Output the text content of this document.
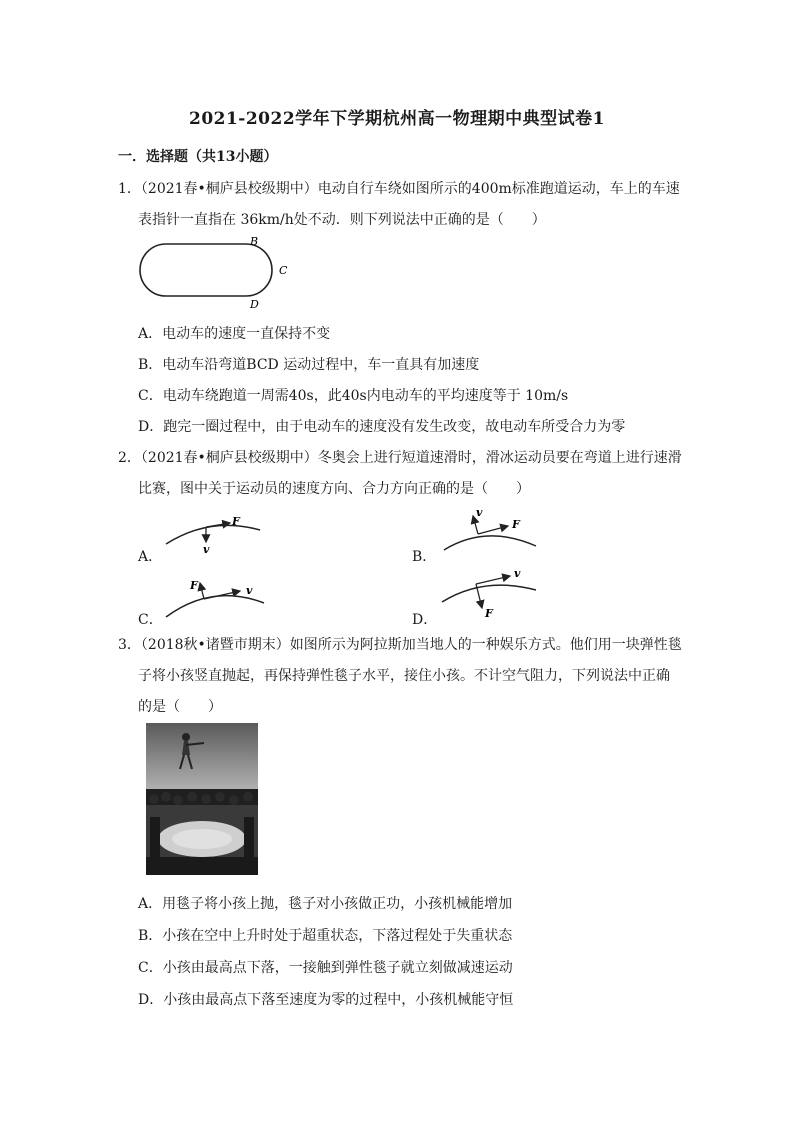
2021-2022学年下学期杭州高一物理期中典型试卷1
一．选择题（共13小题）
1．（2021春•桐庐县校级期中）电动自行车绕如图所示的400m标准跑道运动，车上的车速
表指针一直指在 36km/h处不动．则下列说法中正确的是（　　）
B
C
D
A．电动车的速度一直保持不变
B．电动车沿弯道BCD 运动过程中，车一直具有加速度
C．电动车绕跑道一周需40s，此40s内电动车的平均速度等于 10m/s
D．跑完一圈过程中，由于电动车的速度没有发生改变，故电动车所受合力为零
2．（2021春•桐庐县校级期中）冬奥会上进行短道速滑时，滑冰运动员要在弯道上进行速滑
比赛，图中关于运动员的速度方向、合力方向正确的是（　　）
A．
F
v	B．
F
v
C．
F	v
D．	F
v
3．（2018秋•诸暨市期末）如图所示为阿拉斯加当地人的一种娱乐方式。他们用一块弹性毯
子将小孩竖直抛起，再保持弹性毯子水平，接住小孩。不计空气阻力，下列说法中正确
的是（　　）
A．用毯子将小孩上抛，毯子对小孩做正功，小孩机械能增加
B．小孩在空中上升时处于超重状态，下落过程处于失重状态
C．小孩由最高点下落，一接触到弹性毯子就立刻做减速运动
D．小孩由最高点下落至速度为零的过程中，小孩机械能守恒
